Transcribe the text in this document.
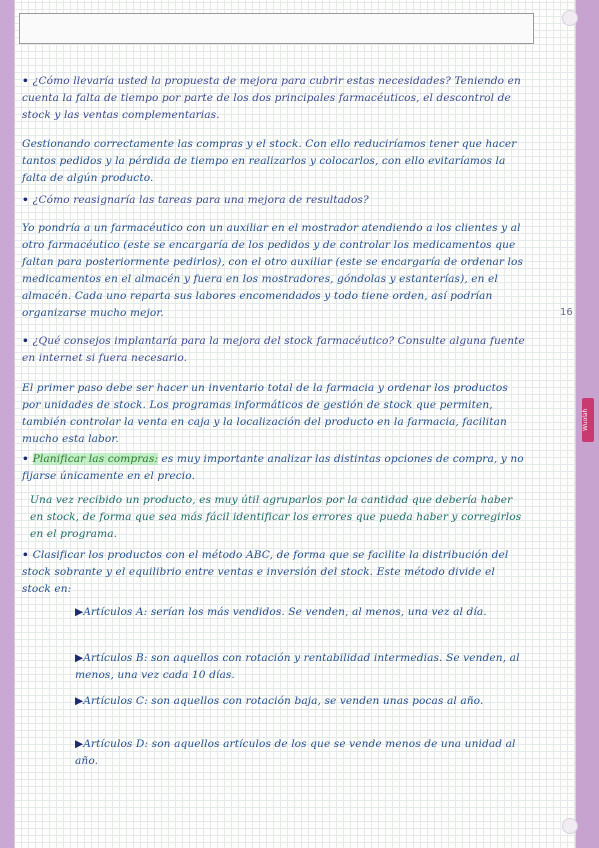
Wuolah
16
• ¿Cómo llevaría usted la propuesta de mejora para cubrir estas necesidades? Teniendo en cuenta la falta de tiempo por parte de los dos principales farmacéuticos, el descontrol de stock y las ventas complementarias.
Gestionando correctamente las compras y el stock. Con ello reduciríamos tener que hacer tantos pedidos y la pérdida de tiempo en realizarlos y colocarlos, con ello evitaríamos la falta de algún producto.
• ¿Cómo reasignaría las tareas para una mejora de resultados?
Yo pondría a un farmacéutico con un auxiliar en el mostrador atendiendo a los clientes y al otro farmacéutico (este se encargaría de los pedidos y de controlar los medicamentos que faltan para posteriormente pedirlos), con el otro auxiliar (este se encargaría de ordenar los medicamentos en el almacén y fuera en los mostradores, góndolas y estanterías), en el almacén. Cada uno reparta sus labores encomendados y todo tiene orden, así podrían organizarse mucho mejor.
• ¿Qué consejos implantaría para la mejora del stock farmacéutico? Consulte alguna fuente en internet si fuera necesario.
El primer paso debe ser hacer un inventario total de la farmacia y ordenar los productos por unidades de stock. Los programas informáticos de gestión de stock que permiten, también controlar la venta en caja y la localización del producto en la farmacia, facilitan mucho esta labor.
• Planificar las compras: es muy importante analizar las distintas opciones de compra, y no fijarse únicamente en el precio.
Una vez recibido un producto, es muy útil agruparlos por la cantidad que debería haber en stock, de forma que sea más fácil identificar los errores que pueda haber y corregirlos en el programa.
• Clasificar los productos con el método ABC, de forma que se facilite la distribución del stock sobrante y el equilibrio entre ventas e inversión del stock. Este método divide el stock en:
▶Artículos A: serían los más vendidos. Se venden, al menos, una vez al día.
▶Artículos B: son aquellos con rotación y rentabilidad intermedias. Se venden, al menos, una vez cada 10 días.
▶Artículos C: son aquellos con rotación baja, se venden unas pocas al año.
▶Artículos D: son aquellos artículos de los que se vende menos de una unidad al año.
